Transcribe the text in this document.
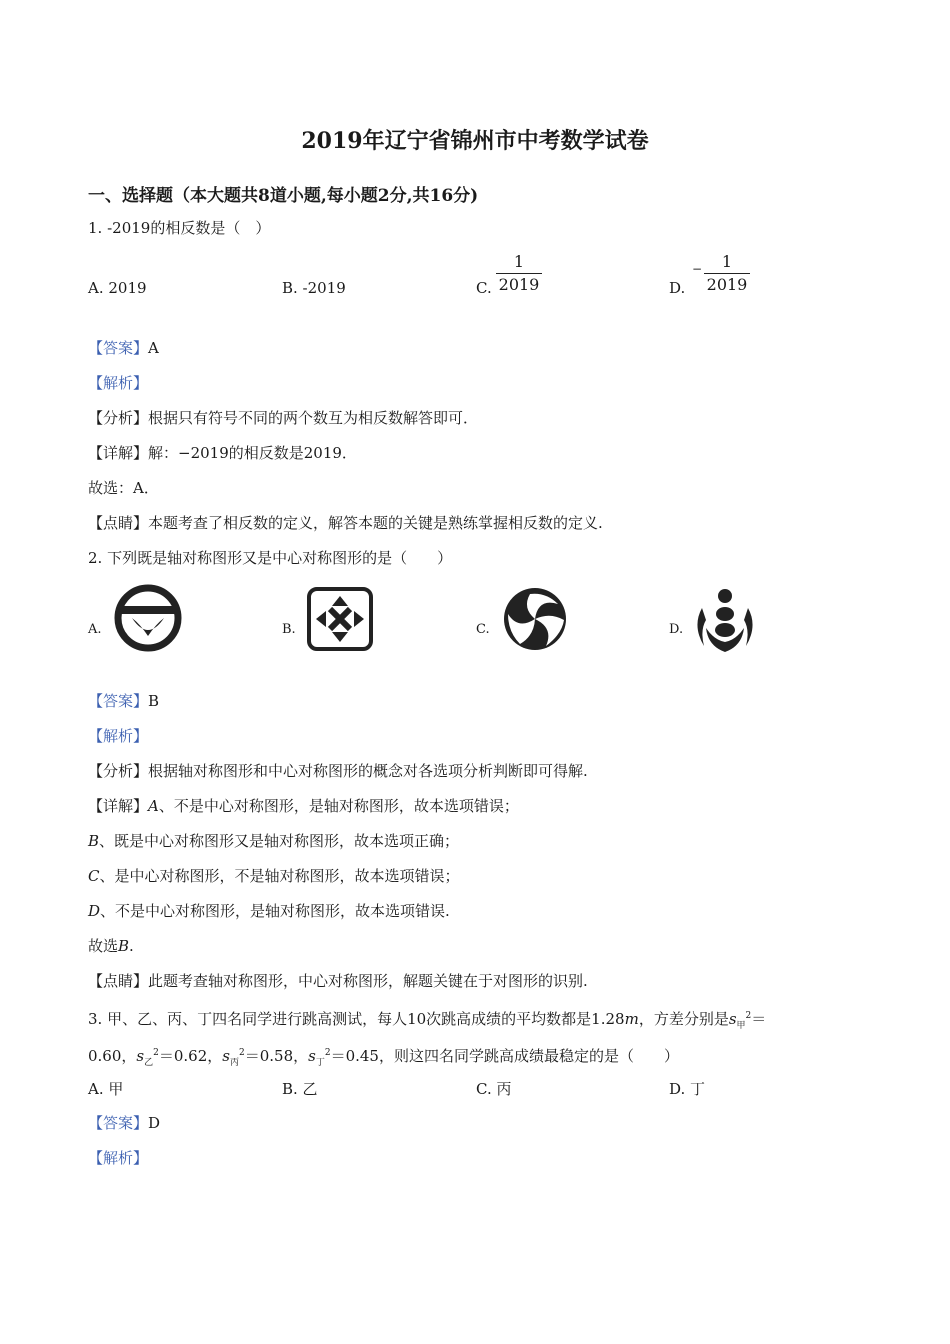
2019年辽宁省锦州市中考数学试卷
一、选择题（本大题共8道小题,每小题2分,共16分)
1. -2019的相反数是（　）
A. 2019	B. -2019	C.
1
2019	D.
−	1
2019
【答案】A
【解析】
【分析】根据只有符号不同的两个数互为相反数解答即可．
【详解】解：−2019的相反数是2019．
故选：A．
【点睛】本题考查了相反数的定义，解答本题的关键是熟练掌握相反数的定义.
2. 下列既是轴对称图形又是中心对称图形的是（　　）
A.	B.	C.	D.
【答案】B
【解析】
【分析】根据轴对称图形和中心对称图形的概念对各选项分析判断即可得解.
【详解】A、不是中心对称图形，是轴对称图形，故本选项错误；
B、既是中心对称图形又是轴对称图形，故本选项正确；
C、是中心对称图形，不是轴对称图形，故本选项错误；
D、不是中心对称图形，是轴对称图形，故本选项错误.
故选B.
【点睛】此题考查轴对称图形，中心对称图形，解题关键在于对图形的识别.
3. 甲、乙、丙、丁四名同学进行跳高测试，每人10次跳高成绩的平均数都是1.28m，方差分别是$s_甲^2=$
0.60，$s_乙^2=0.62$，$s_丙^2=0.58$，$s_丁^2=0.45$，则这四名同学跳高成绩最稳定的是（　　）
A. 甲	B. 乙	C. 丙	D. 丁
【答案】D
【解析】
